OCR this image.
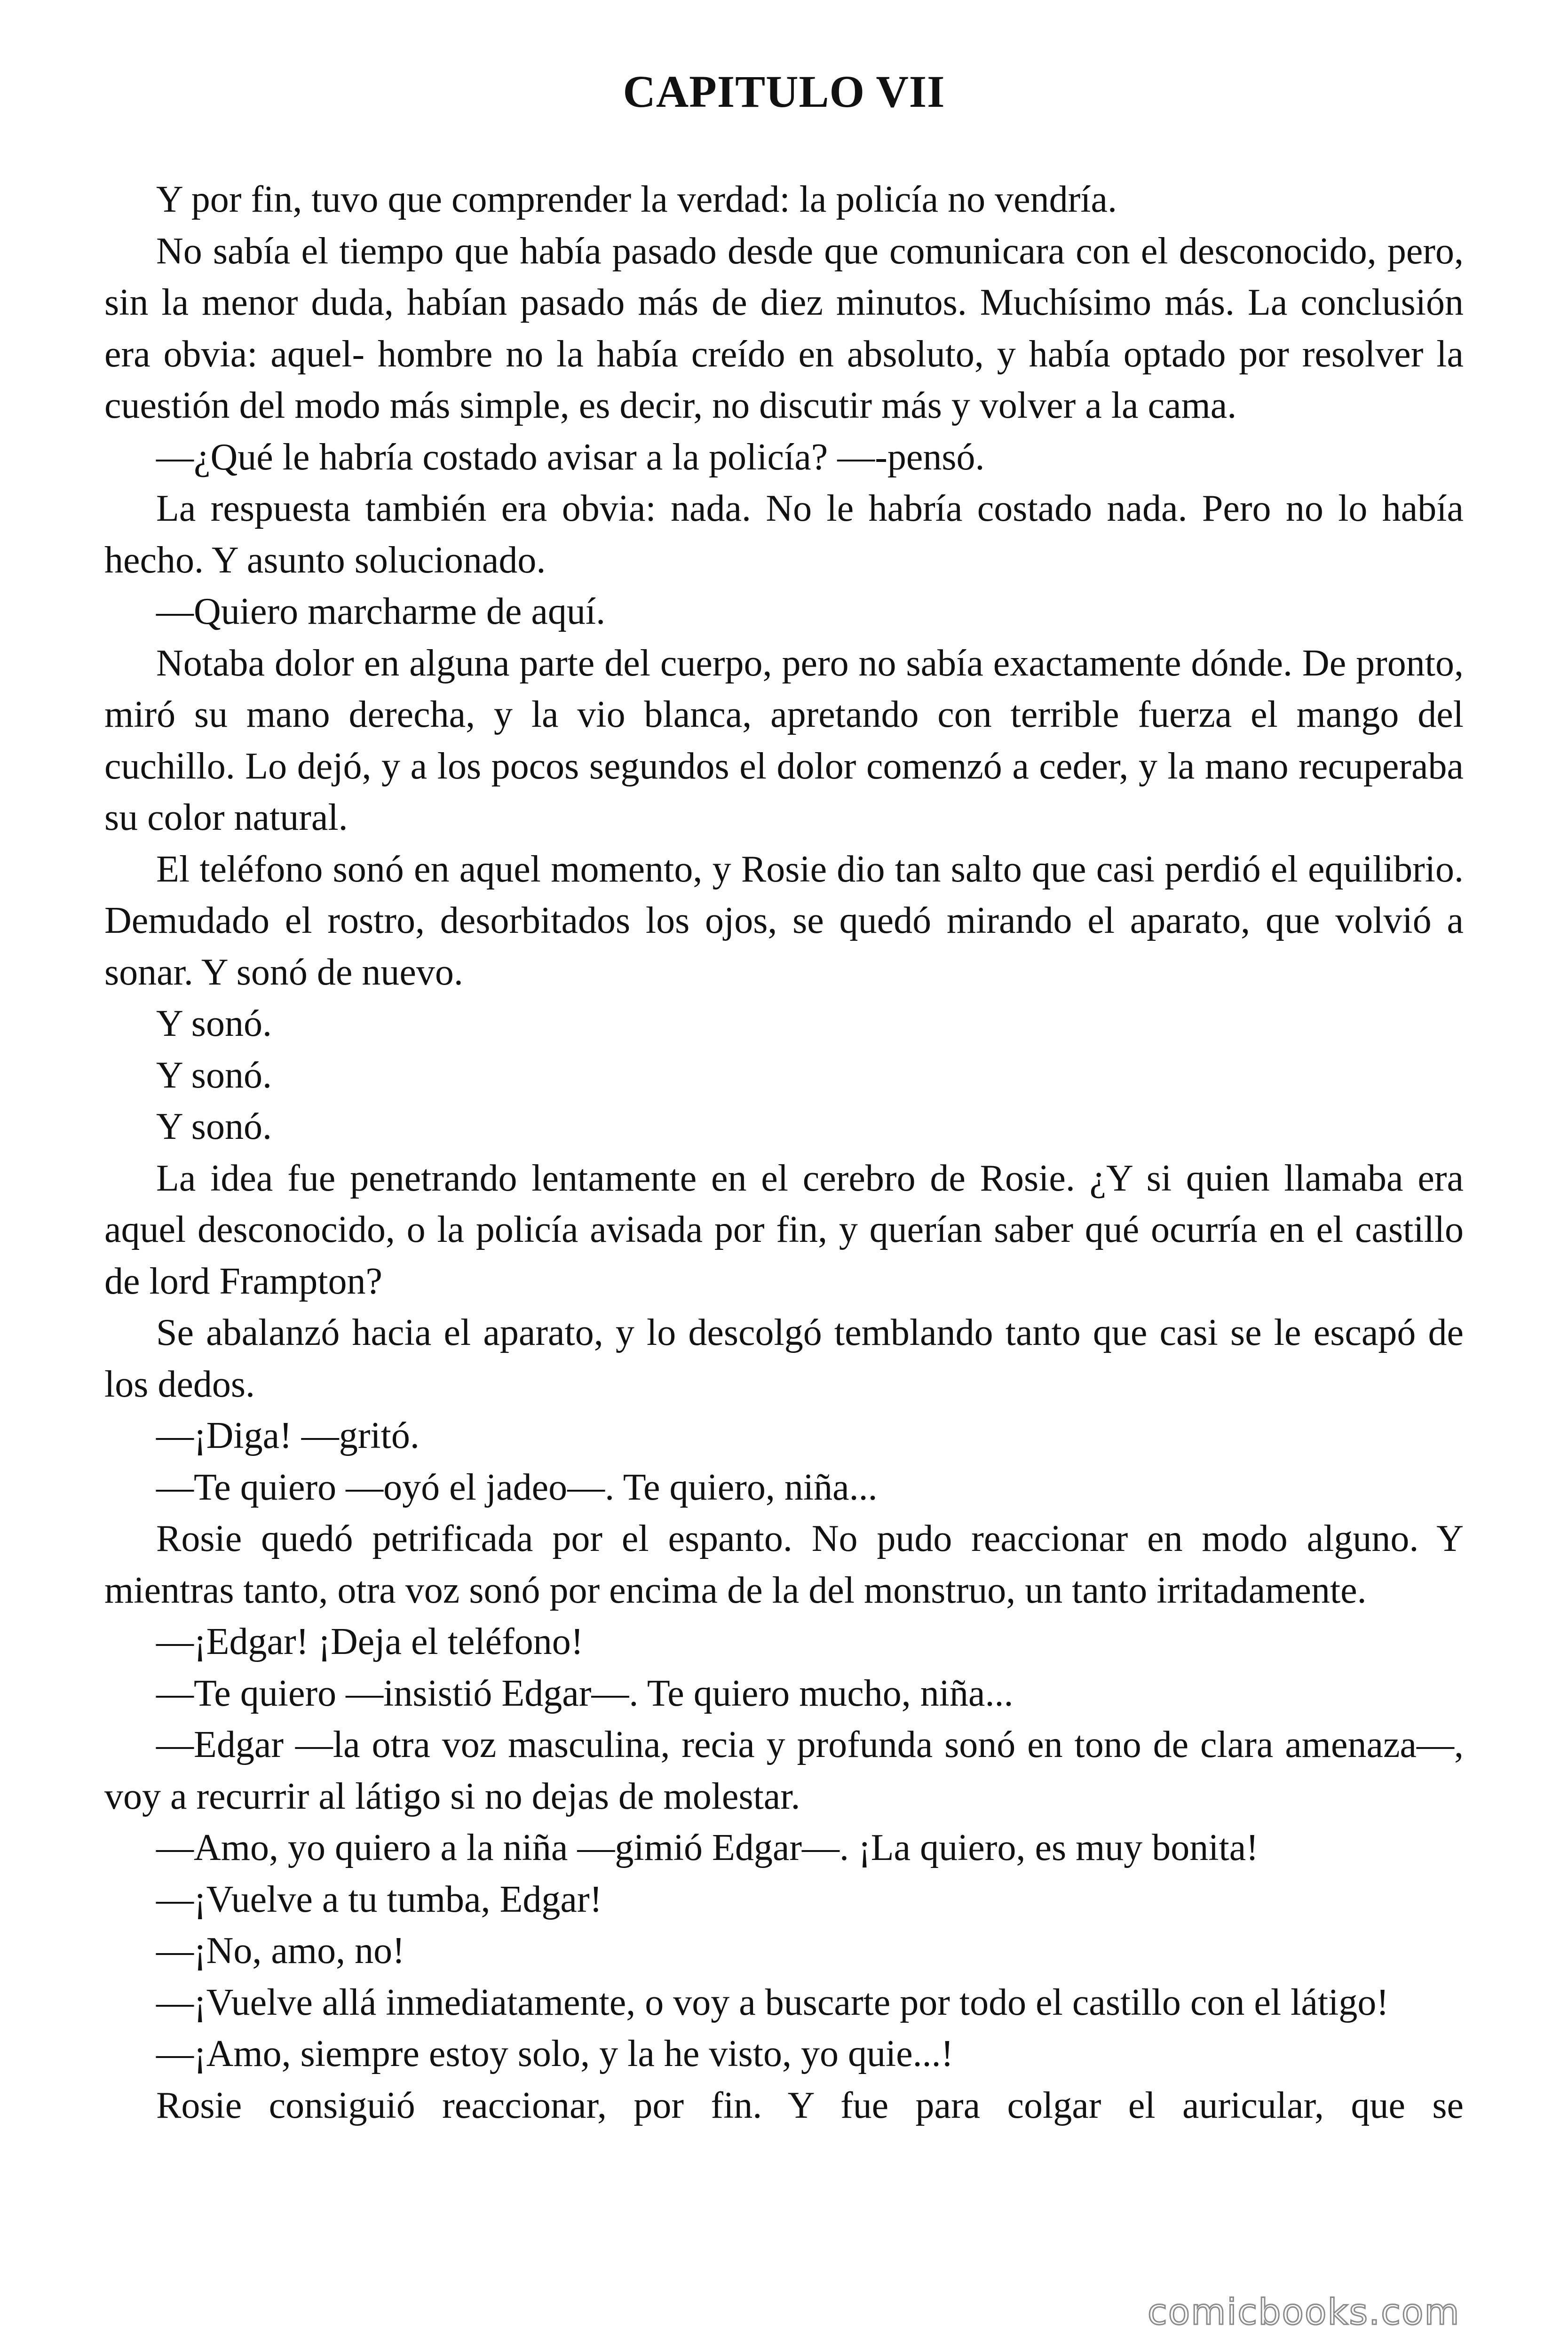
CAPITULO VII

Y por fin, tuvo que comprender la verdad: la policía no vendría.

No sabía el tiempo que había pasado desde que comunicara con el desconocido, pero, sin la menor duda, habían pasado más de diez minutos. Muchísimo más. La conclusión era obvia: aquel- hombre no la había creído en absoluto, y había optado por resolver la cuestión del modo más simple, es decir, no discutir más y volver a la cama.

—¿Qué le habría costado avisar a la policía? —-pensó.

La respuesta también era obvia: nada. No le habría costado nada. Pero no lo había hecho. Y asunto solucionado.

—Quiero marcharme de aquí.

Notaba dolor en alguna parte del cuerpo, pero no sabía exactamente dónde. De pronto, miró su mano derecha, y la vio blanca, apretando con terrible fuerza el mango del cuchillo. Lo dejó, y a los pocos segundos el dolor comenzó a ceder, y la mano recuperaba su color natural.

El teléfono sonó en aquel momento, y Rosie dio tan salto que casi perdió el equilibrio. Demudado el rostro, desorbitados los ojos, se quedó mirando el aparato, que volvió a sonar. Y sonó de nuevo.

Y sonó.

Y sonó.

Y sonó.

La idea fue penetrando lentamente en el cerebro de Rosie. ¿Y si quien llamaba era aquel desconocido, o la policía avisada por fin, y querían saber qué ocurría en el castillo de lord Frampton?

Se abalanzó hacia el aparato, y lo descolgó temblando tanto que casi se le escapó de los dedos.

—¡Diga! —gritó.

—Te quiero —oyó el jadeo—. Te quiero, niña...

Rosie quedó petrificada por el espanto. No pudo reaccionar en modo alguno. Y mientras tanto, otra voz sonó por encima de la del monstruo, un tanto irritadamente.

—¡Edgar! ¡Deja el teléfono!

—Te quiero —insistió Edgar—. Te quiero mucho, niña...

—Edgar —la otra voz masculina, recia y profunda sonó en tono de clara amenaza—, voy a recurrir al látigo si no dejas de molestar.

—Amo, yo quiero a la niña —gimió Edgar—. ¡La quiero, es muy bonita!

—¡Vuelve a tu tumba, Edgar!

—¡No, amo, no!

—¡Vuelve allá inmediatamente, o voy a buscarte por todo el castillo con el látigo!

—¡Amo, siempre estoy solo, y la he visto, yo quie...!

Rosie consiguió reaccionar, por fin. Y fue para colgar el auricular, que se

comicbooks.com
